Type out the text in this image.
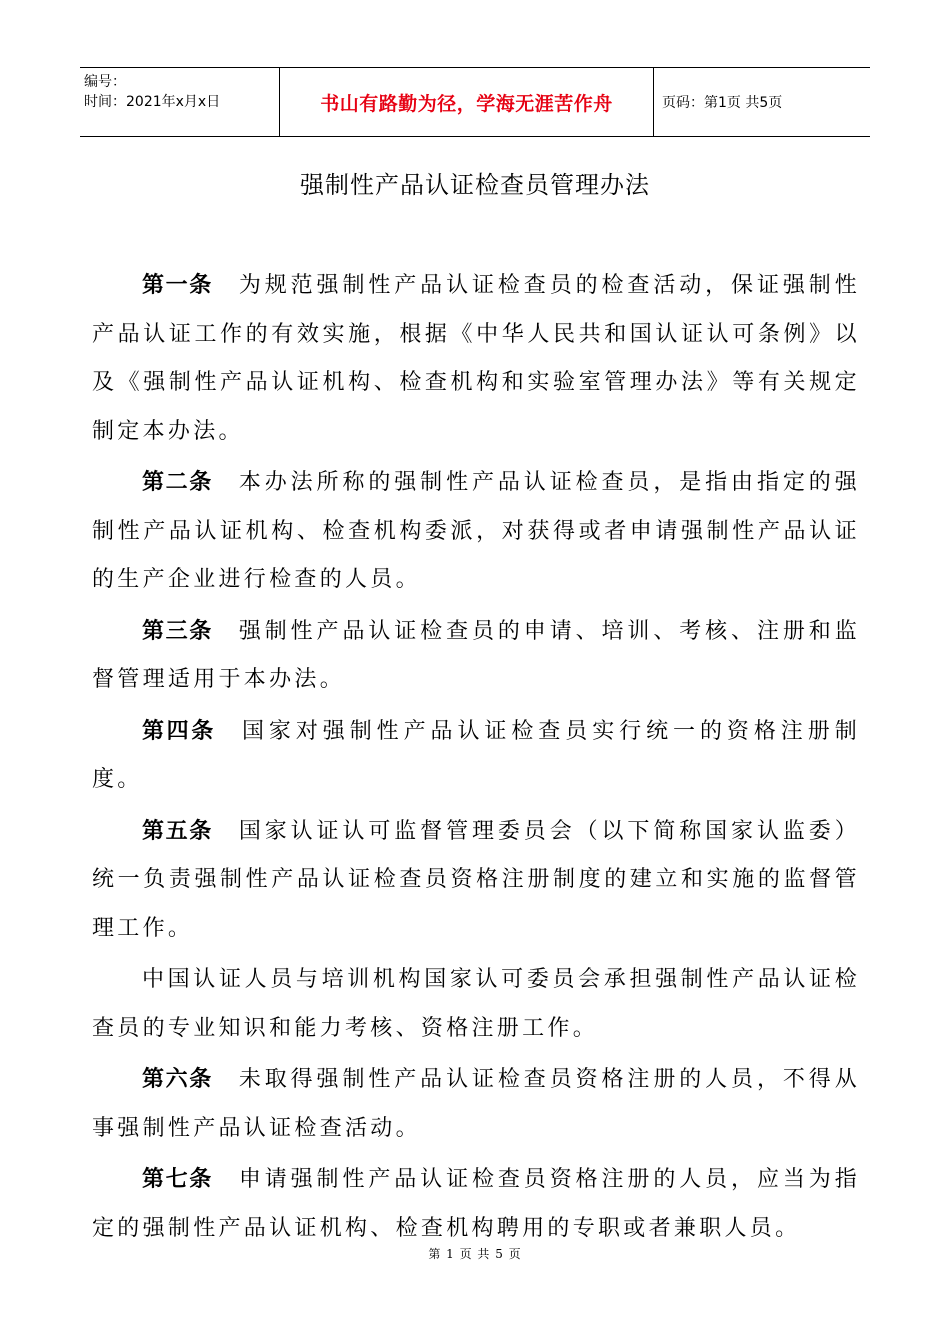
编号：
时间：2021年x月x日	书山有路勤为径，学海无涯苦作舟	页码：第1页 共5页
强制性产品认证检查员管理办法

第一条 为规范强制性产品认证检查员的检查活动，保证强制性产品认证工作的有效实施，根据《中华人民共和国认证认可条例》以及《强制性产品认证机构、检查机构和实验室管理办法》等有关规定制定本办法。

第二条 本办法所称的强制性产品认证检查员，是指由指定的强制性产品认证机构、检查机构委派，对获得或者申请强制性产品认证的生产企业进行检查的人员。

第三条 强制性产品认证检查员的申请、培训、考核、注册和监督管理适用于本办法。

第四条 国家对强制性产品认证检查员实行统一的资格注册制度。

第五条 国家认证认可监督管理委员会（以下简称国家认监委）统一负责强制性产品认证检查员资格注册制度的建立和实施的监督管理工作。

中国认证人员与培训机构国家认可委员会承担强制性产品认证检查员的专业知识和能力考核、资格注册工作。

第六条 未取得强制性产品认证检查员资格注册的人员，不得从事强制性产品认证检查活动。

第七条 申请强制性产品认证检查员资格注册的人员，应当为指定的强制性产品认证机构、检查机构聘用的专职或者兼职人员。

第 1 页 共 5 页
